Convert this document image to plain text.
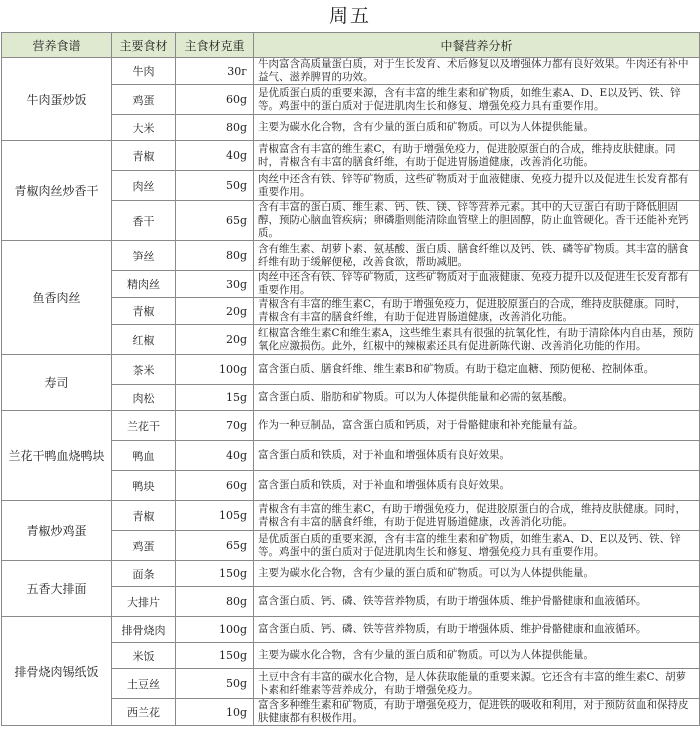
周五
营养食谱	主要食材	主食材克重	中餐营养分析
牛肉蛋炒饭	牛肉	30г	牛肉富含高质量蛋白质，对于生长发育、术后修复以及增强体力都有良好效果。牛肉还有补中益气、滋养脾胃的功效。
	鸡蛋	60g	是优质蛋白质的重要来源，含有丰富的维生素和矿物质，如维生素A、D、E以及钙、铁、锌等。鸡蛋中的蛋白质对于促进肌肉生长和修复、增强免疫力具有重要作用。
	大米	80g	主要为碳水化合物，含有少量的蛋白质和矿物质。可以为人体提供能量。
青椒肉丝炒香干	青椒	40g	青椒富含有丰富的维生素C，有助于增强免疫力，促进胶原蛋白的合成，维持皮肤健康。同时，青椒含有丰富的膳食纤维，有助于促进胃肠道健康，改善消化功能。
	肉丝	50g	肉丝中还含有铁、锌等矿物质，这些矿物质对于血液健康、免疫力提升以及促进生长发育都有重要作用。
	香干	65g	含有丰富的蛋白质、维生素、钙、铁、镁、锌等营养元素。其中的大豆蛋白有助于降低胆固醇，预防心脑血管疾病；卵磷脂则能清除血管壁上的胆固醇，防止血管硬化。香干还能补充钙质。
鱼香肉丝	笋丝	80g	含有维生素、胡萝卜素、氨基酸、蛋白质、膳食纤维以及钙、铁、磷等矿物质。其丰富的膳食纤维有助于缓解便秘，改善食欲，帮助减肥。
	精肉丝	30g	肉丝中还含有铁、锌等矿物质，这些矿物质对于血液健康、免疫力提升以及促进生长发育都有重要作用。
	青椒	20g	青椒含有丰富的维生素C，有助于增强免疫力，促进胶原蛋白的合成，维持皮肤健康。同时，青椒含有丰富的膳食纤维，有助于促进胃肠道健康，改善消化功能。
	红椒	20g	红椒富含维生素C和维生素A，这些维生素具有很强的抗氧化性，有助于清除体内自由基，预防氧化应激损伤。此外，红椒中的辣椒素还具有促进新陈代谢、改善消化功能的作用。
寿司	茶米	100g	富含蛋白质、膳食纤维、维生素B和矿物质。有助于稳定血糖、预防便秘、控制体重。
	肉松	15g	富含蛋白质、脂肪和矿物质。可以为人体提供能量和必需的氨基酸。
兰花干鸭血烧鸭块	兰花干	70g	作为一种豆制品，富含蛋白质和钙质，对于骨骼健康和补充能量有益。
	鸭血	40g	富含蛋白质和铁质，对于补血和增强体质有良好效果。
	鸭块	60g	富含蛋白质和铁质，对于补血和增强体质有良好效果。
青椒炒鸡蛋	青椒	105g	青椒含有丰富的维生素C，有助于增强免疫力，促进胶原蛋白的合成，维持皮肤健康。同时，青椒含有丰富的膳食纤维，有助于促进胃肠道健康，改善消化功能。
	鸡蛋	65g	是优质蛋白质的重要来源，含有丰富的维生素和矿物质，如维生素A、D、E以及钙、铁、锌等。鸡蛋中的蛋白质对于促进肌肉生长和修复、增强免疫力具有重要作用。
五香大排面	面条	150g	主要为碳水化合物，含有少量的蛋白质和矿物质。可以为人体提供能量。
	大排片	80g	富含蛋白质、钙、磷、铁等营养物质，有助于增强体质、维护骨骼健康和血液循环。
排骨烧肉锡纸饭	排骨烧肉	100g	富含蛋白质、钙、磷、铁等营养物质，有助于增强体质、维护骨骼健康和血液循环。
	米饭	150g	主要为碳水化合物，含有少量的蛋白质和矿物质。可以为人体提供能量。
	土豆丝	50g	土豆中含有丰富的碳水化合物，是人体获取能量的重要来源。它还含有丰富的维生素C、胡萝卜素和纤维素等营养成分，有助于增强免疫力。
	西兰花	10g	富含多种维生素和矿物质，有助于增强免疫力，促进铁的吸收和利用，对于预防贫血和保持皮肤健康都有积极作用。
